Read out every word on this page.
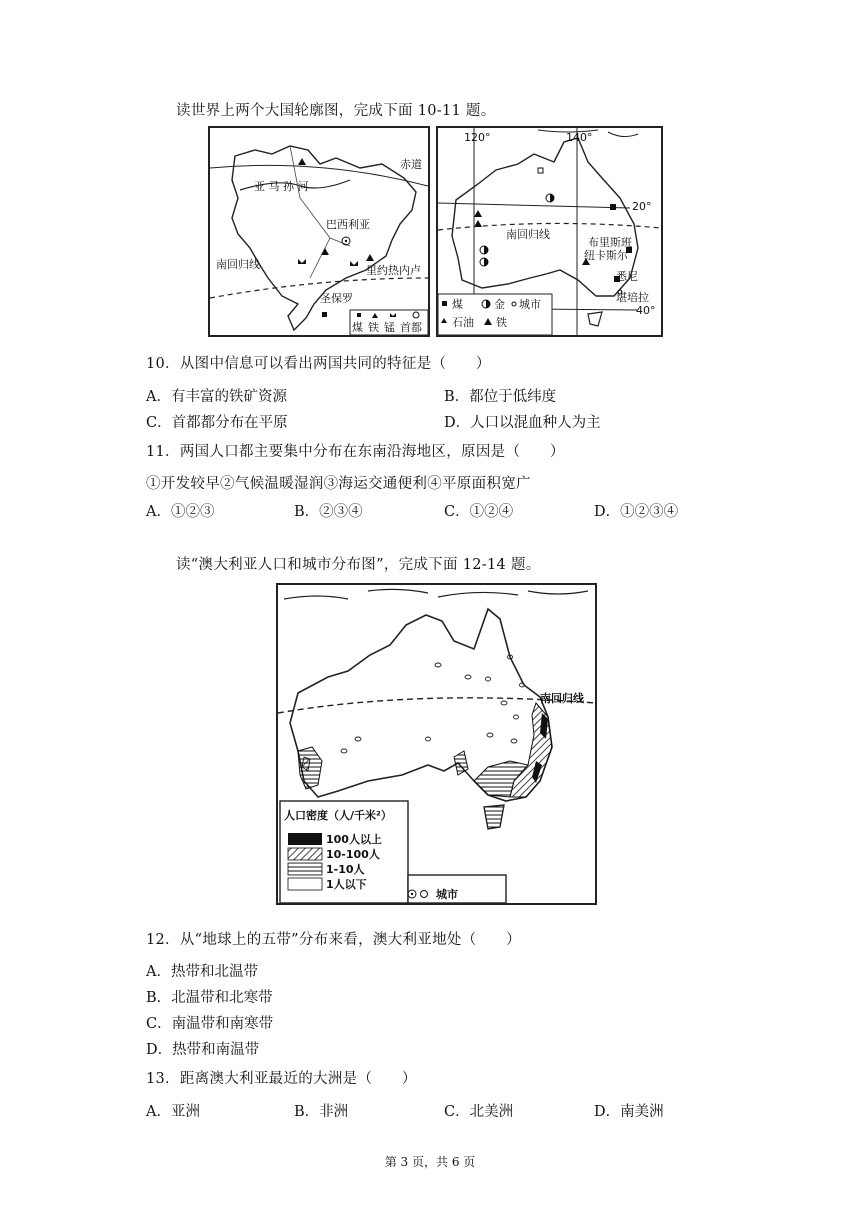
读世界上两个大国轮廓图，完成下面 10-11 题。
赤道
亚 马 孙 河
巴西利亚
南回归线	里约热内卢
圣保罗
煤 铁 锰 首都
120°	140°
20°
40°
南回归线
布里斯班
纽卡斯尔
悉尼
堪培拉
煤	金 城市
石油 铁
10．从图中信息可以看出两国共同的特征是（　　）
A．有丰富的铁矿资源	B．都位于低纬度
C．首都都分布在平原	D．人口以混血种人为主
11．两国人口都主要集中分布在东南沿海地区，原因是（　　）
①开发较早②气候温暖湿润③海运交通便利④平原面积宽广
A．①②③	B．②③④	C．①②④	D．①②③④
读“澳大利亚人口和城市分布图”，完成下面 12-14 题。
南回归线
人口密度（人/千米²）
100人以上
10-100人
1-10人
1人以下
城市
12．从“地球上的五带”分布来看，澳大利亚地处（　　）
A．热带和北温带
B．北温带和北寒带
C．南温带和南寒带
D．热带和南温带
13．距离澳大利亚最近的大洲是（　　）
A．亚洲	B．非洲	C．北美洲	D．南美洲
第 3 页，共 6 页
